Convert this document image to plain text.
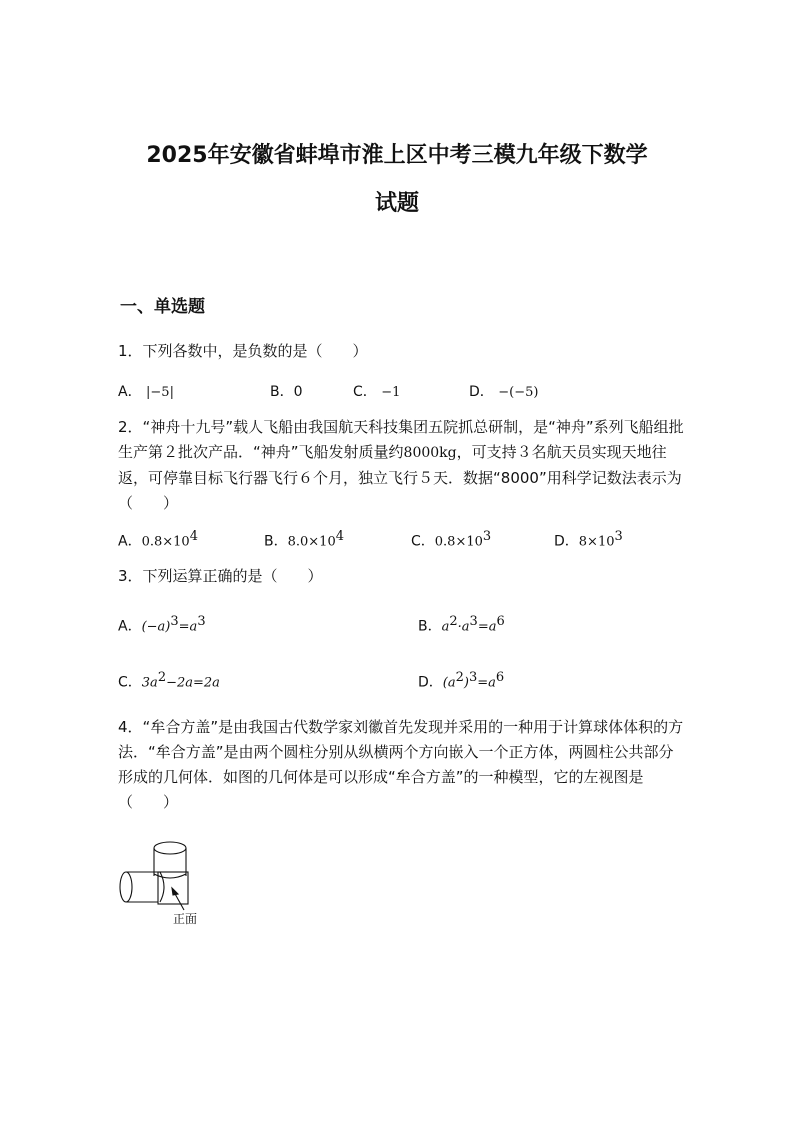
2025年安徽省蚌埠市淮上区中考三模九年级下数学
试题
一、单选题
1．下列各数中，是负数的是（　　）
A． |−5|	B．0	C． −1	D． −(−5)
2．“神舟十九号”载人飞船由我国航天科技集团五院抓总研制，是“神舟”系列飞船组批生产第２批次产品．“神舟”飞船发射质量约8000kg，可支持３名航天员实现天地往返，可停靠目标飞行器飞行６个月，独立飞行５天．数据“8000”用科学记数法表示为（　　）
A．$0.8\times 10^4$	B．$8.0\times 10^4$	C．$0.8\times 10^3$	D．$8\times 10^3$
3．下列运算正确的是（　　）
A．$(-a)^3=a^3$	B．$a^2\cdot a^3=a^6$
C．$3a^2-2a=2a$	D．$(a^2)^3=a^6$
4．“牟合方盖”是由我国古代数学家刘徽首先发现并采用的一种用于计算球体体积的方法．“牟合方盖”是由两个圆柱分别从纵横两个方向嵌入一个正方体，两圆柱公共部分形成的几何体．如图的几何体是可以形成“牟合方盖”的一种模型，它的左视图是（　　）
正面
